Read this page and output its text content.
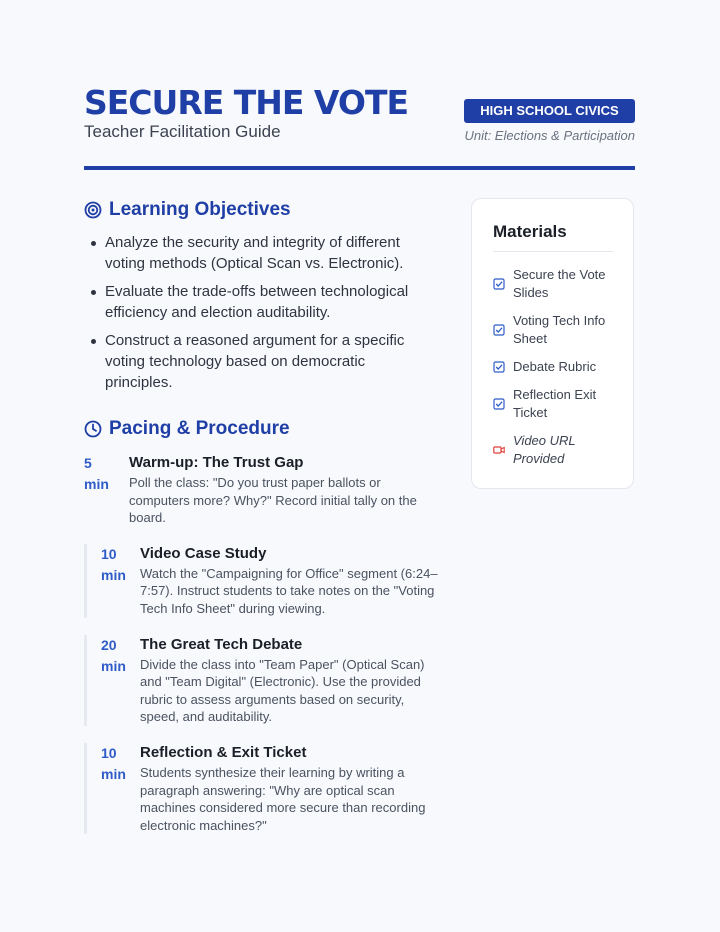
SECURE THE VOTE
Teacher Facilitation Guide
HIGH SCHOOL CIVICS
Unit: Elections & Participation
Learning Objectives
Analyze the security and integrity of different voting methods (Optical Scan vs. Electronic).
Evaluate the trade-offs between technological efficiency and election auditability.
Construct a reasoned argument for a specific voting technology based on democratic principles.
Pacing & Procedure
5
min
Warm-up: The Trust Gap
Poll the class: "Do you trust paper ballots or computers more? Why?" Record initial tally on the board.
10
min
Video Case Study
Watch the "Campaigning for Office" segment (6:24–7:57). Instruct students to take notes on the "Voting Tech Info Sheet" during viewing.
20
min
The Great Tech Debate
Divide the class into "Team Paper" (Optical Scan) and "Team Digital" (Electronic). Use the provided rubric to assess arguments based on security, speed, and auditability.
10
min
Reflection & Exit Ticket
Students synthesize their learning by writing a paragraph answering: "Why are optical scan machines considered more secure than recording electronic machines?"
Materials
Secure the Vote Slides
Voting Tech Info Sheet
Debate Rubric
Reflection Exit Ticket
Video URL Provided
